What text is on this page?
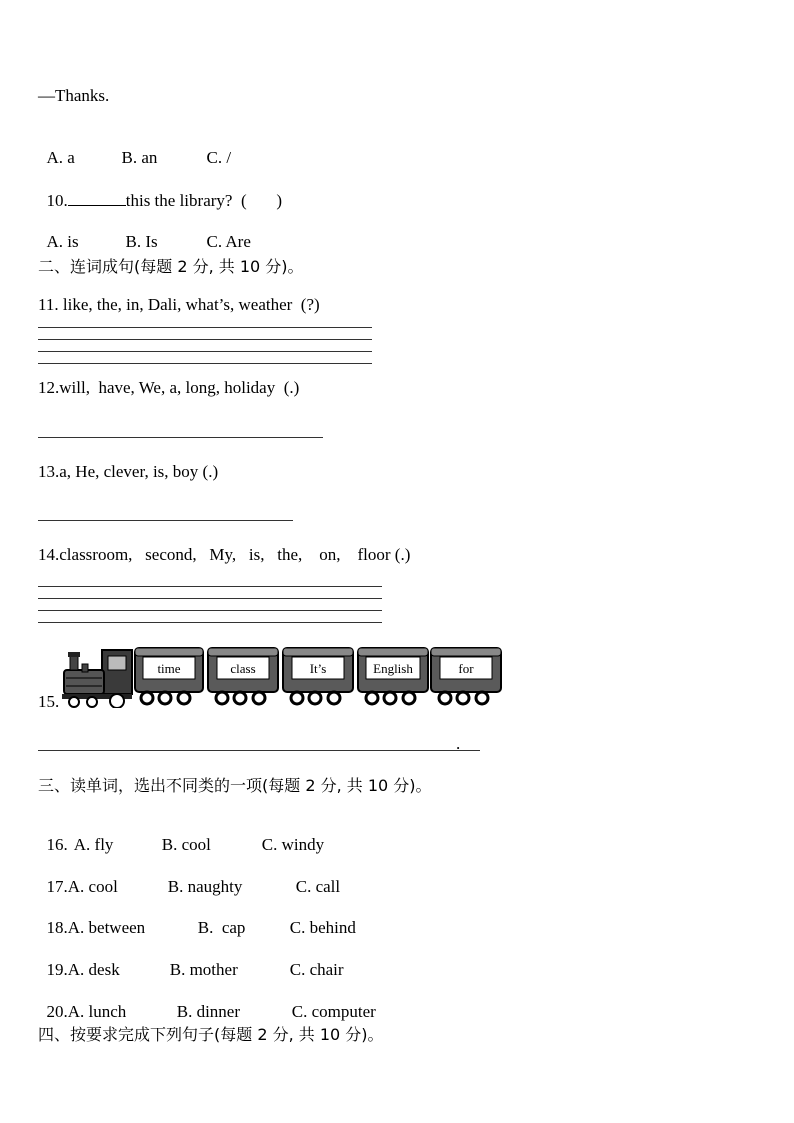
—Thanks.

A. a	B. an	C. /

10.	this the library?  (       )

A. is	B. Is	C. Are

二、连词成句(每题 2 分, 共 10 分)。
11. like, the, in, Dali, what’s, weather  (?)
12.will,  have, We, a, long, holiday  (.)
13.a, He, clever, is, boy (.)
14.classroom,   second,   My,   is,   the,    on,    floor (.)
15.
time	class	It’s	English	for
.
三、读单词，选出不同类的一项(每题 2 分, 共 10 分)。

16. A. fly	B. cool	C. windy

17.A. cool	B. naughty	C. call

18.A. between	B.  cap	C. behind

19.A. desk	B. mother	C. chair

20.A. lunch	B. dinner	C. computer

四、按要求完成下列句子(每题 2 分, 共 10 分)。
